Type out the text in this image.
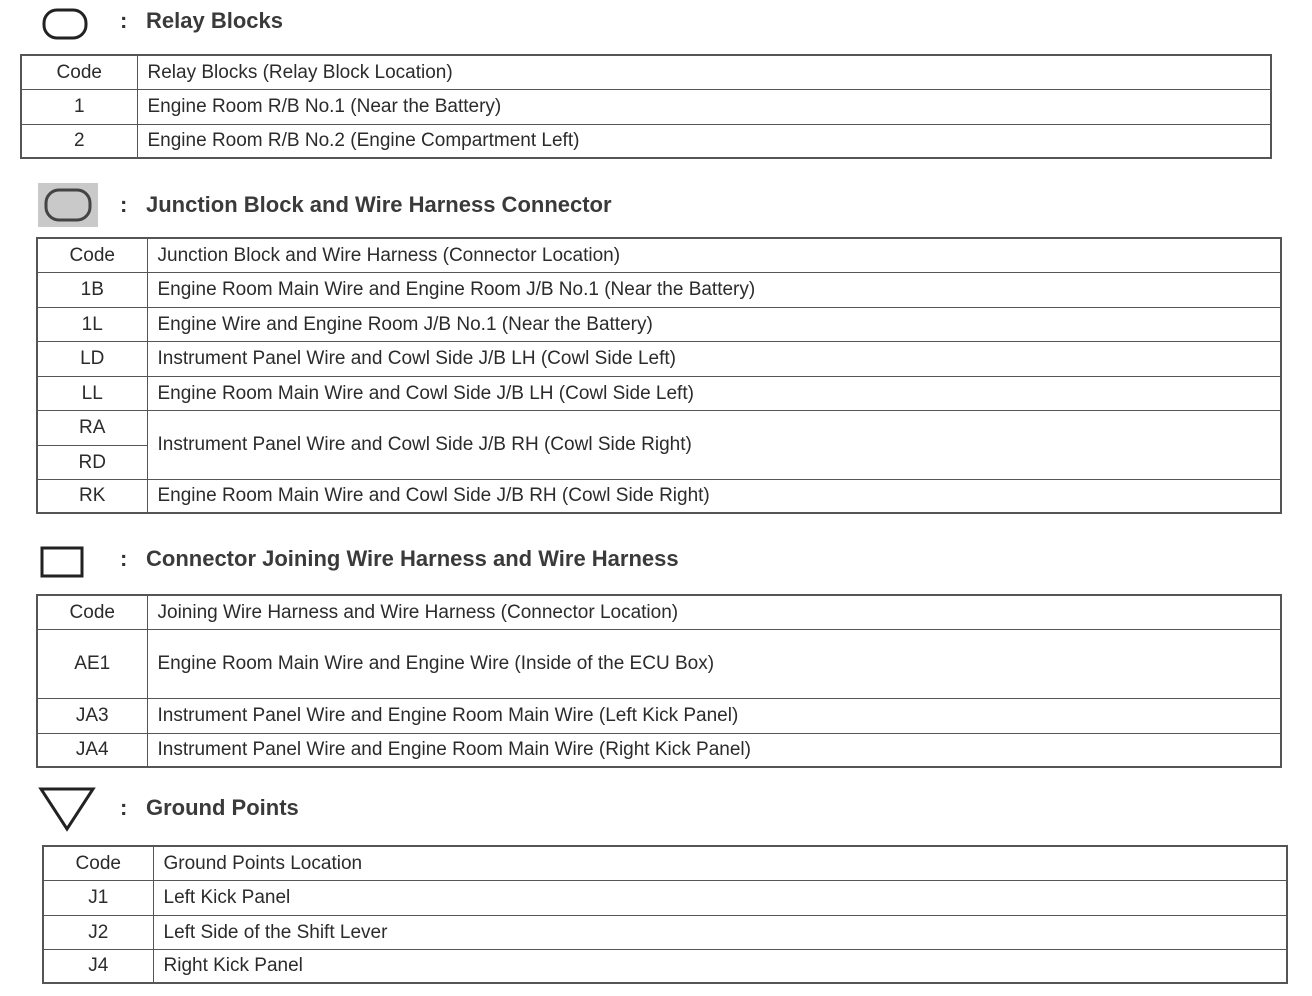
: Relay Blocks
Code	Relay Blocks (Relay Block Location)
1	Engine Room R/B No.1 (Near the Battery)
2	Engine Room R/B No.2 (Engine Compartment Left)
: Junction Block and Wire Harness Connector
Code	Junction Block and Wire Harness (Connector Location)
1B	Engine Room Main Wire and Engine Room J/B No.1 (Near the Battery)
1L	Engine Wire and Engine Room J/B No.1 (Near the Battery)
LD	Instrument Panel Wire and Cowl Side J/B LH (Cowl Side Left)
LL	Engine Room Main Wire and Cowl Side J/B LH (Cowl Side Left)
RA	Instrument Panel Wire and Cowl Side J/B RH (Cowl Side Right)
RD	
RK	Engine Room Main Wire and Cowl Side J/B RH (Cowl Side Right)
: Connector Joining Wire Harness and Wire Harness
Code	Joining Wire Harness and Wire Harness (Connector Location)
AE1	Engine Room Main Wire and Engine Wire (Inside of the ECU Box)
JA3	Instrument Panel Wire and Engine Room Main Wire (Left Kick Panel)
JA4	Instrument Panel Wire and Engine Room Main Wire (Right Kick Panel)
: Ground Points
Code	Ground Points Location
J1	Left Kick Panel
J2	Left Side of the Shift Lever
J4	Right Kick Panel
